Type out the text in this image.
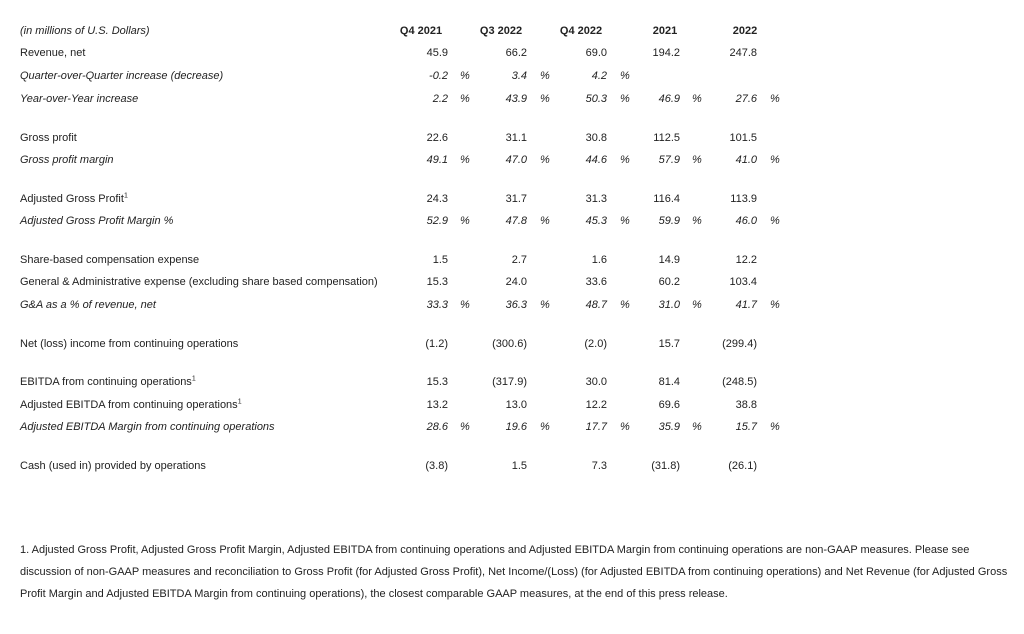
(in millions of U.S. Dollars)	Q4 2021	Q3 2022	Q4 2022	2021	2022
Revenue, net	45.9	66.2	69.0	194.2	247.8
Quarter-over-Quarter increase (decrease)	-0.2 %	3.4 %	4.2 %
Year-over-Year increase	2.2 %	43.9 %	50.3 %	46.9 %	27.6 %
Gross profit	22.6	31.1	30.8	112.5	101.5
Gross profit margin	49.1 %	47.0 %	44.6 %	57.9 %	41.0 %
Adjusted Gross Profit$^1$	24.3	31.7	31.3	116.4	113.9
Adjusted Gross Profit Margin %	52.9 %	47.8 %	45.3 %	59.9 %	46.0 %
Share-based compensation expense	1.5	2.7	1.6	14.9	12.2
General & Administrative expense (excluding share based compensation)	15.3	24.0	33.6	60.2	103.4
G&A as a % of revenue, net	33.3 %	36.3 %	48.7 %	31.0 %	41.7 %
Net (loss) income from continuing operations	(1.2)	(300.6)	(2.0)	15.7	(299.4)
EBITDA from continuing operations$^1$	15.3	(317.9)	30.0	81.4	(248.5)
Adjusted EBITDA from continuing operations$^1$	13.2	13.0	12.2	69.6	38.8
Adjusted EBITDA Margin from continuing operations	28.6 %	19.6 %	17.7 %	35.9 %	15.7 %
Cash (used in) provided by operations	(3.8)	1.5	7.3	(31.8)	(26.1)
1. Adjusted Gross Profit, Adjusted Gross Profit Margin, Adjusted EBITDA from continuing operations and Adjusted EBITDA Margin from continuing operations are non-GAAP measures. Please see discussion of non-GAAP measures and reconciliation to Gross Profit (for Adjusted Gross Profit), Net Income/(Loss) (for Adjusted EBITDA from continuing operations) and Net Revenue (for Adjusted Gross Profit Margin and Adjusted EBITDA Margin from continuing operations), the closest comparable GAAP measures, at the end of this press release.
